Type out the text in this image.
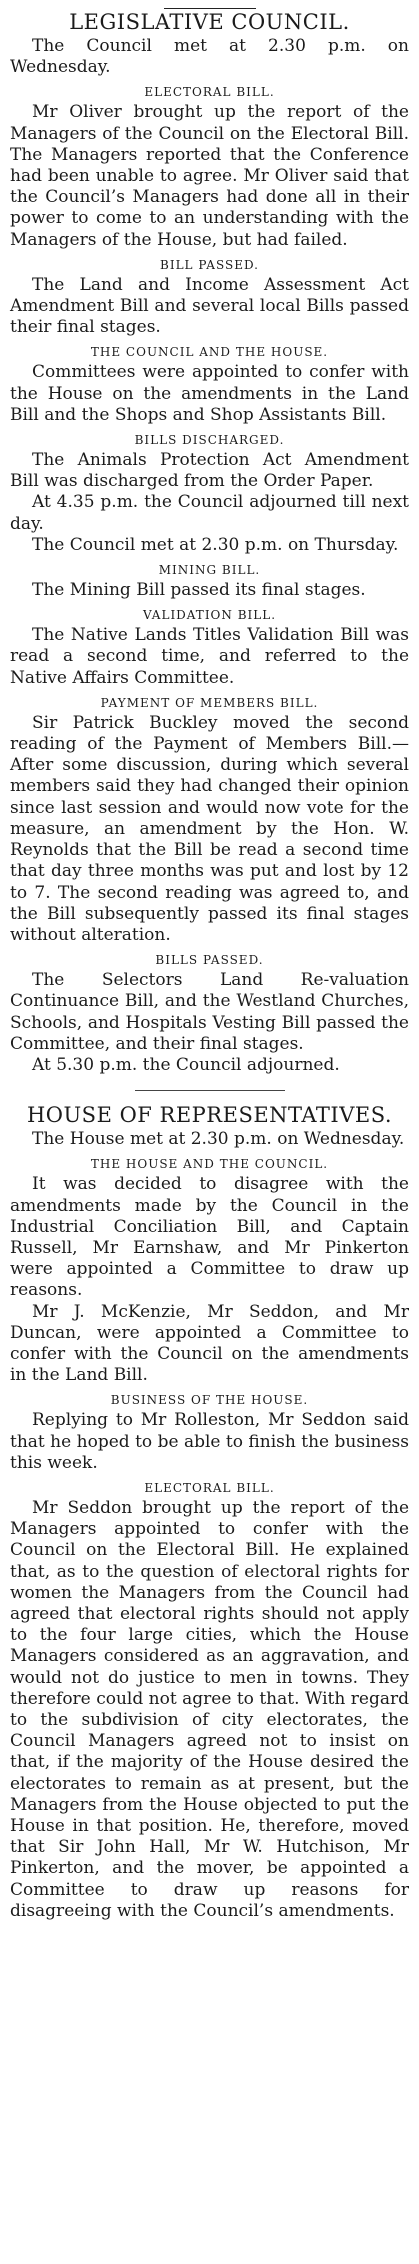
LEGISLATIVE COUNCIL.

The Council met at 2.30 p.m. on Wednesday.

ELECTORAL BILL.

Mr Oliver brought up the report of the Managers of the Council on the Electoral Bill. The Managers reported that the Conference had been unable to agree. Mr Oliver said that the Council’s Managers had done all in their power to come to an understanding with the Managers of the House, but had failed.

BILL PASSED.

The Land and Income Assessment Act Amendment Bill and several local Bills passed their final stages.

THE COUNCIL AND THE HOUSE.

Committees were appointed to confer with the House on the amendments in the Land Bill and the Shops and Shop Assistants Bill.

BILLS DISCHARGED.

The Animals Protection Act Amendment Bill was discharged from the Order Paper.

At 4.35 p.m. the Council adjourned till next day.

The Council met at 2.30 p.m. on Thursday.

MINING BILL.

The Mining Bill passed its final stages.

VALIDATION BILL.

The Native Lands Titles Validation Bill was read a second time, and referred to the Native Affairs Committee.

PAYMENT OF MEMBERS BILL.

Sir Patrick Buckley moved the second reading of the Payment of Members Bill.—After some discussion, during which several members said they had changed their opinion since last session and would now vote for the measure, an amendment by the Hon. W. Reynolds that the Bill be read a second time that day three months was put and lost by 12 to 7. The second reading was agreed to, and the Bill subsequently passed its final stages without alteration.

BILLS PASSED.

The Selectors Land Re-valuation Continuance Bill, and the Westland Churches, Schools, and Hospitals Vesting Bill passed the Committee, and their final stages.

At 5.30 p.m. the Council adjourned.

HOUSE OF REPRESENTATIVES.

The House met at 2.30 p.m. on Wednesday.

THE HOUSE AND THE COUNCIL.

It was decided to disagree with the amendments made by the Council in the Industrial Conciliation Bill, and Captain Russell, Mr Earnshaw, and Mr Pinkerton were appointed a Committee to draw up reasons.

Mr J. McKenzie, Mr Seddon, and Mr Duncan, were appointed a Committee to confer with the Council on the amendments in the Land Bill.

BUSINESS OF THE HOUSE.

Replying to Mr Rolleston, Mr Seddon said that he hoped to be able to finish the business this week.

ELECTORAL BILL.

Mr Seddon brought up the report of the Managers appointed to confer with the Council on the Electoral Bill. He explained that, as to the question of electoral rights for women the Managers from the Council had agreed that electoral rights should not apply to the four large cities, which the House Managers considered as an aggravation, and would not do justice to men in towns. They therefore could not agree to that. With regard to the subdivision of city electorates, the Council Managers agreed not to insist on that, if the majority of the House desired the electorates to remain as at present, but the Managers from the House objected to put the House in that position. He, therefore, moved that Sir John Hall, Mr W. Hutchison, Mr Pinkerton, and the mover, be appointed a Committee to draw up reasons for disagreeing with the Council’s amendments.
